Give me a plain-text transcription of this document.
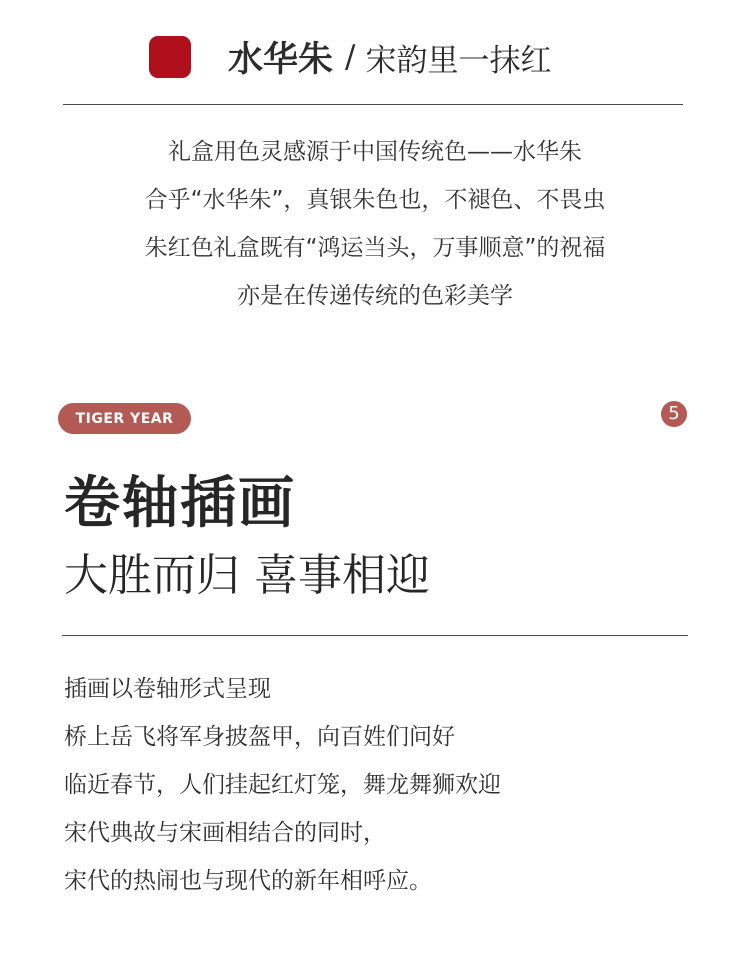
水华朱 / 宋韵里一抹红
礼盒用色灵感源于中国传统色——水华朱
合乎“水华朱”，真银朱色也，不褪色、不畏虫
朱红色礼盒既有“鸿运当头，万事顺意”的祝福
亦是在传递传统的色彩美学
TIGER YEAR	5
卷轴插画
大胜而归 喜事相迎
插画以卷轴形式呈现
桥上岳飞将军身披盔甲，向百姓们问好
临近春节，人们挂起红灯笼，舞龙舞狮欢迎
宋代典故与宋画相结合的同时，
宋代的热闹也与现代的新年相呼应。
